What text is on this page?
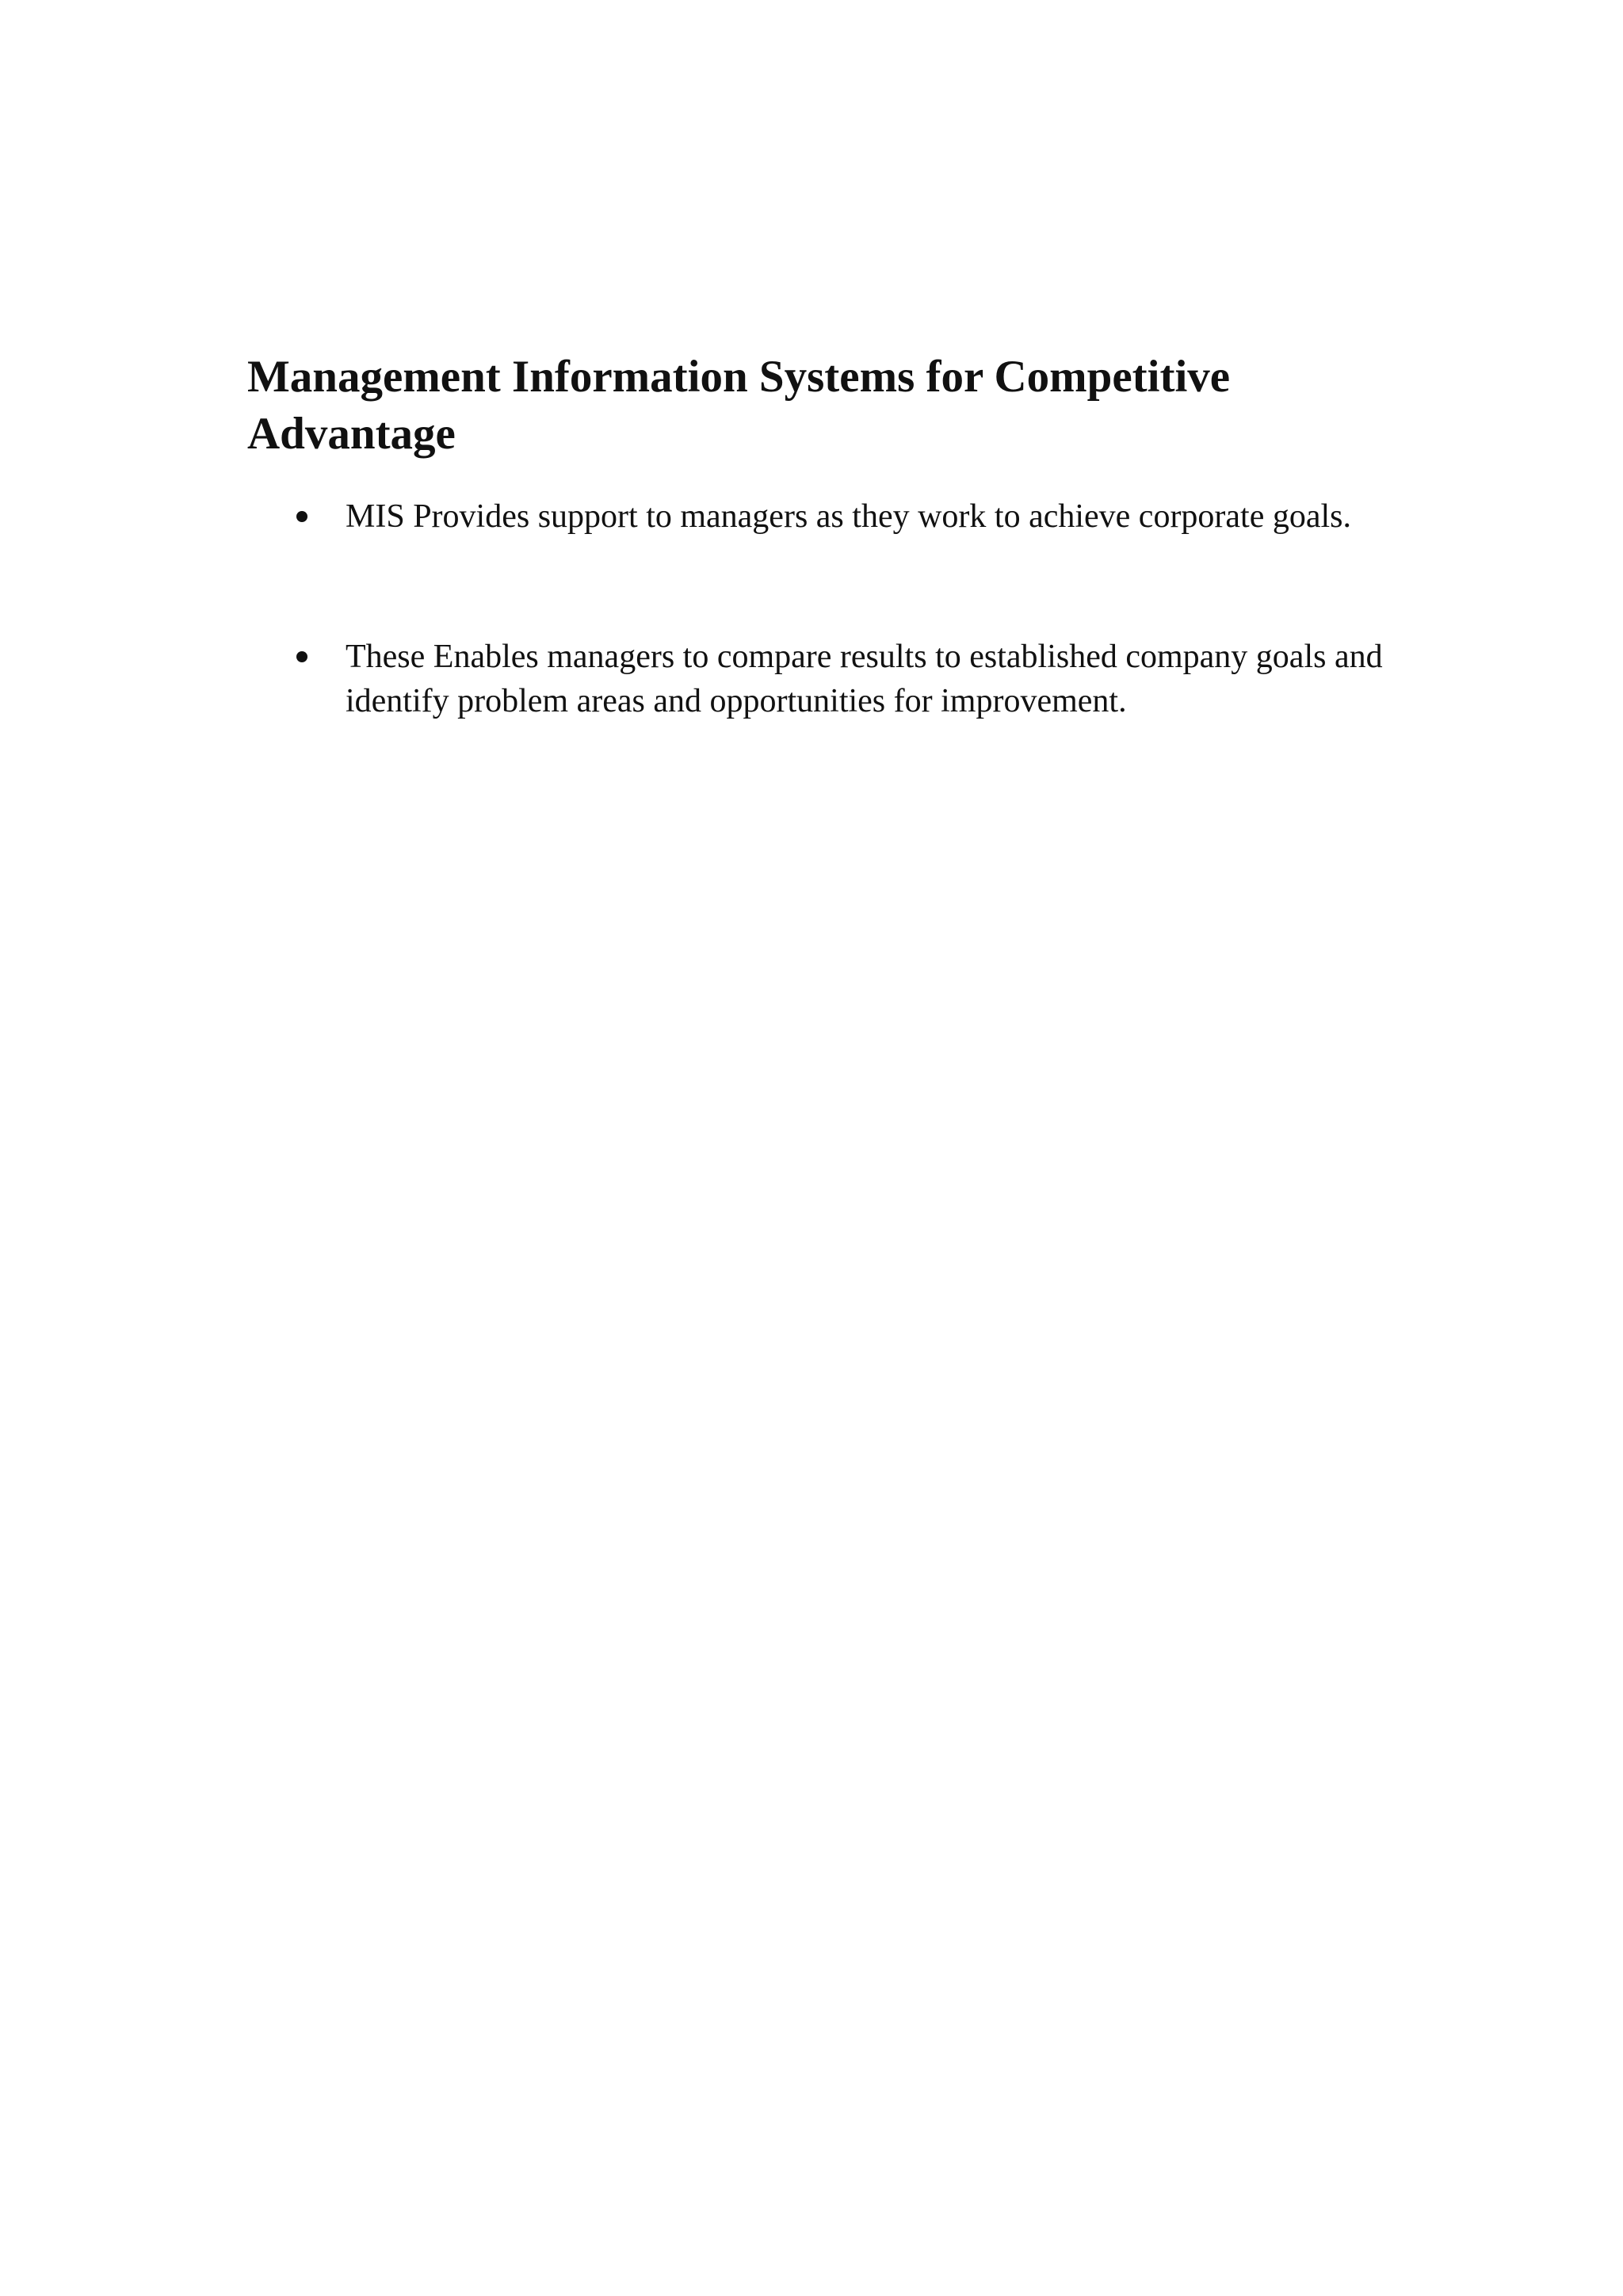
Management Information Systems for Competitive Advantage
MIS Provides support to managers as they work to achieve corporate goals.
These Enables managers to compare results to established company goals and identify problem areas and opportunities for improvement.
